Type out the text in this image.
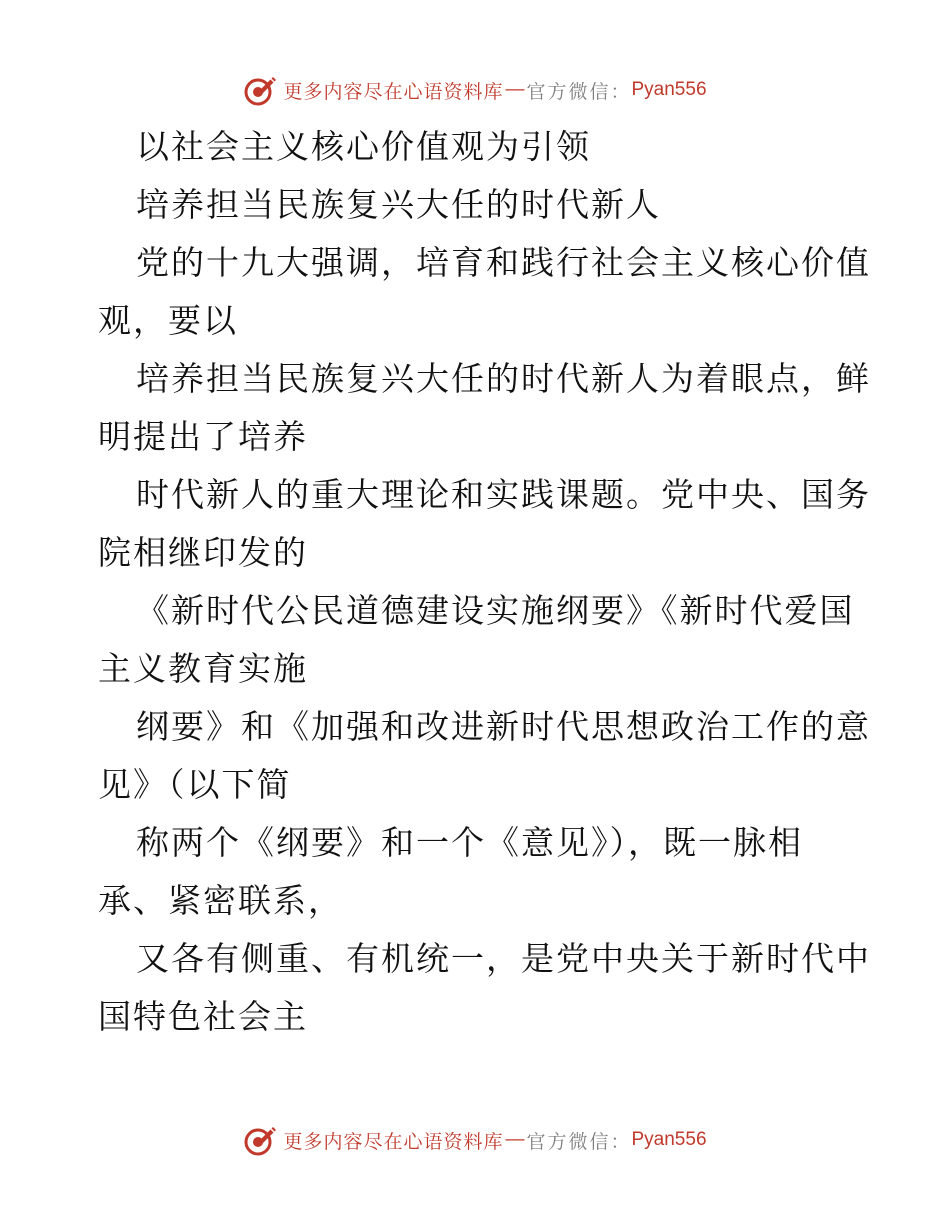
更多内容尽在心语资料库 — 官方微信： Pyan556
以社会主义核心价值观为引领
培养担当民族复兴大任的时代新人
党的十九大强调，培育和践行社会主义核心价值
观，要以
培养担当民族复兴大任的时代新人为着眼点，鲜
明提出了培养
时代新人的重大理论和实践课题。党中央、国务
院相继印发的
《新时代公民道德建设实施纲要》《新时代爱国
主义教育实施
纲要》和《加强和改进新时代思想政治工作的意
见》（以下简
称两个《纲要》和一个《意见》），既一脉相
承、紧密联系，
又各有侧重、有机统一，是党中央关于新时代中
国特色社会主
更多内容尽在心语资料库 — 官方微信： Pyan556
